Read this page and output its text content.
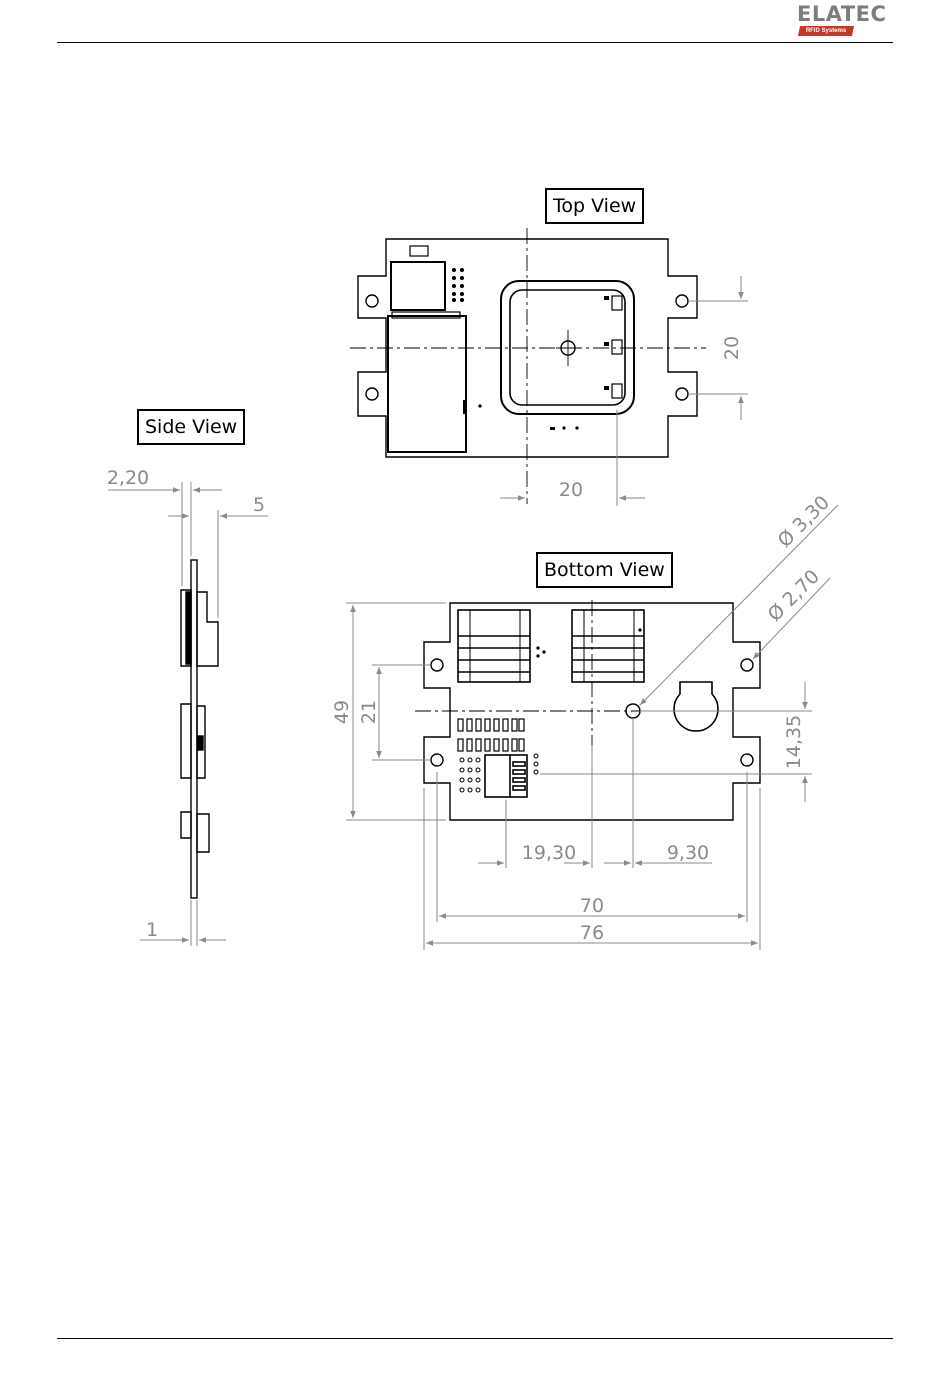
ELATEC
RFID Systems
20
20
2,20
5
1
Ø 3,30
Ø 2,70
49 21
14,35
19,30	9,30
70
76
Top View
Side View
Bottom View
